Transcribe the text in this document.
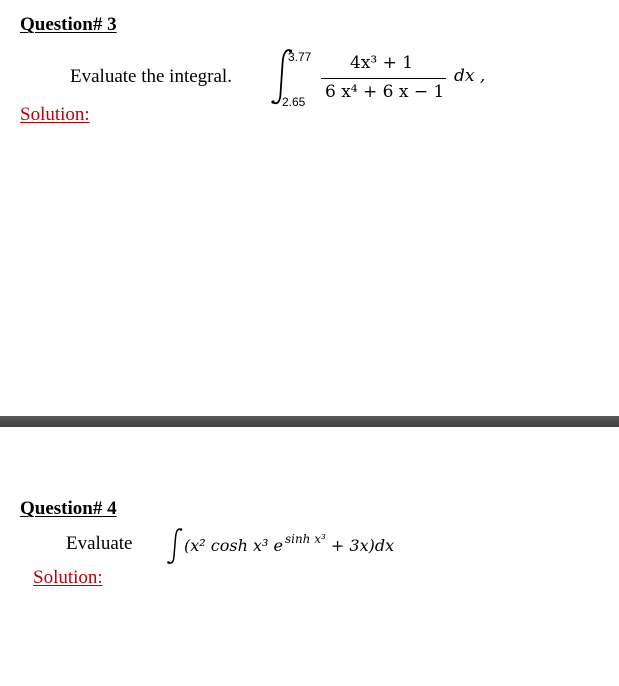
Question# 3
Evaluate the integral.
3.77
2.65
4x³ + 1
6 x⁴ + 6 x − 1
dx ,
Solution:
Question# 4
Evaluate	(x² cosh x³ e $^{sinh x^3}$ + 3x)dx
Solution:
